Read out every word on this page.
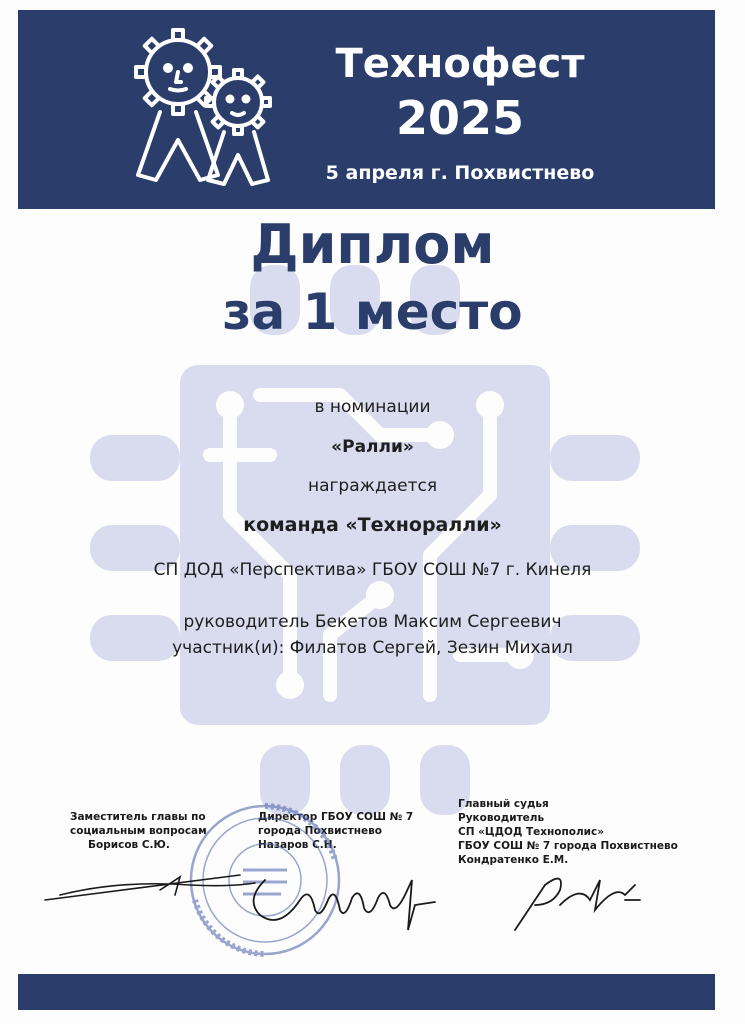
Технофест
2025
5 апреля г. Похвистнево
Диплом
за 1 место
в номинации
«Ралли»
награждается
команда «Техноралли»
СП ДОД «Перспектива» ГБОУ СОШ №7 г. Кинеля
руководитель Бекетов Максим Сергеевич
участник(и): Филатов Сергей, Зезин Михаил
Заместитель главы по
социальным вопросам
Борисов С.Ю.
Директор ГБОУ СОШ № 7
города Похвистнево
Назаров С.Н.
Главный судья
Руководитель
СП «ЦДОД Технополис»
ГБОУ СОШ № 7 города Похвистнево
Кондратенко Е.М.
